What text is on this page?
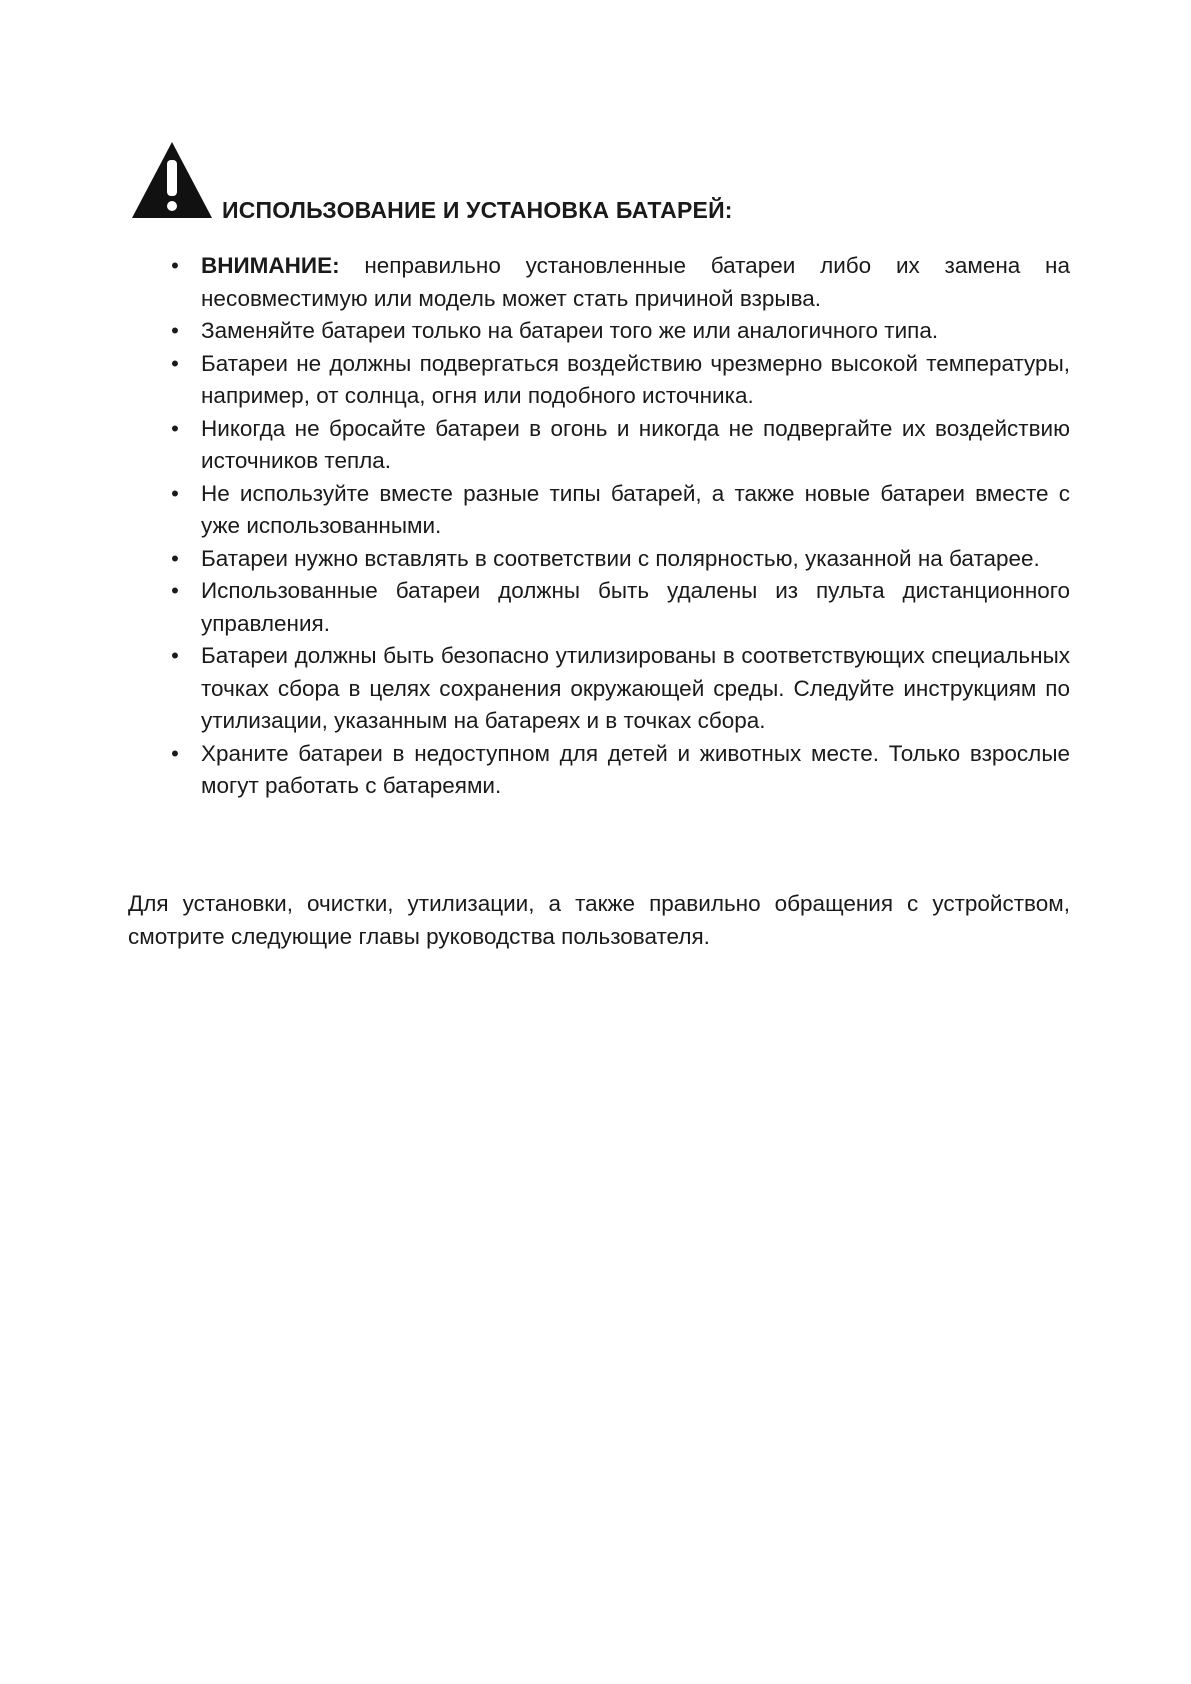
ИСПОЛЬЗОВАНИЕ И УСТАНОВКА БАТАРЕЙ:
• ВНИМАНИЕ: неправильно установленные батареи либо их замена на несовместимую или модель может стать причиной взрыва.
• Заменяйте батареи только на батареи того же или аналогичного типа.
• Батареи не должны подвергаться воздействию чрезмерно высокой температуры, например, от солнца, огня или подобного источника.
• Никогда не бросайте батареи в огонь и никогда не подвергайте их воздействию источников тепла.
• Не используйте вместе разные типы батарей, а также новые батареи вместе с уже использованными.
• Батареи нужно вставлять в соответствии с полярностью, указанной на батарее.
• Использованные батареи должны быть удалены из пульта дистанционного управления.
• Батареи должны быть безопасно утилизированы в соответствующих специальных точках сбора в целях сохранения окружающей среды. Следуйте инструкциям по утилизации, указанным на батареях и в точках сбора.
• Храните батареи в недоступном для детей и животных месте. Только взрослые могут работать с батареями.

Для установки, очистки, утилизации, а также правильно обращения с устройством, смотрите следующие главы руководства пользователя.
